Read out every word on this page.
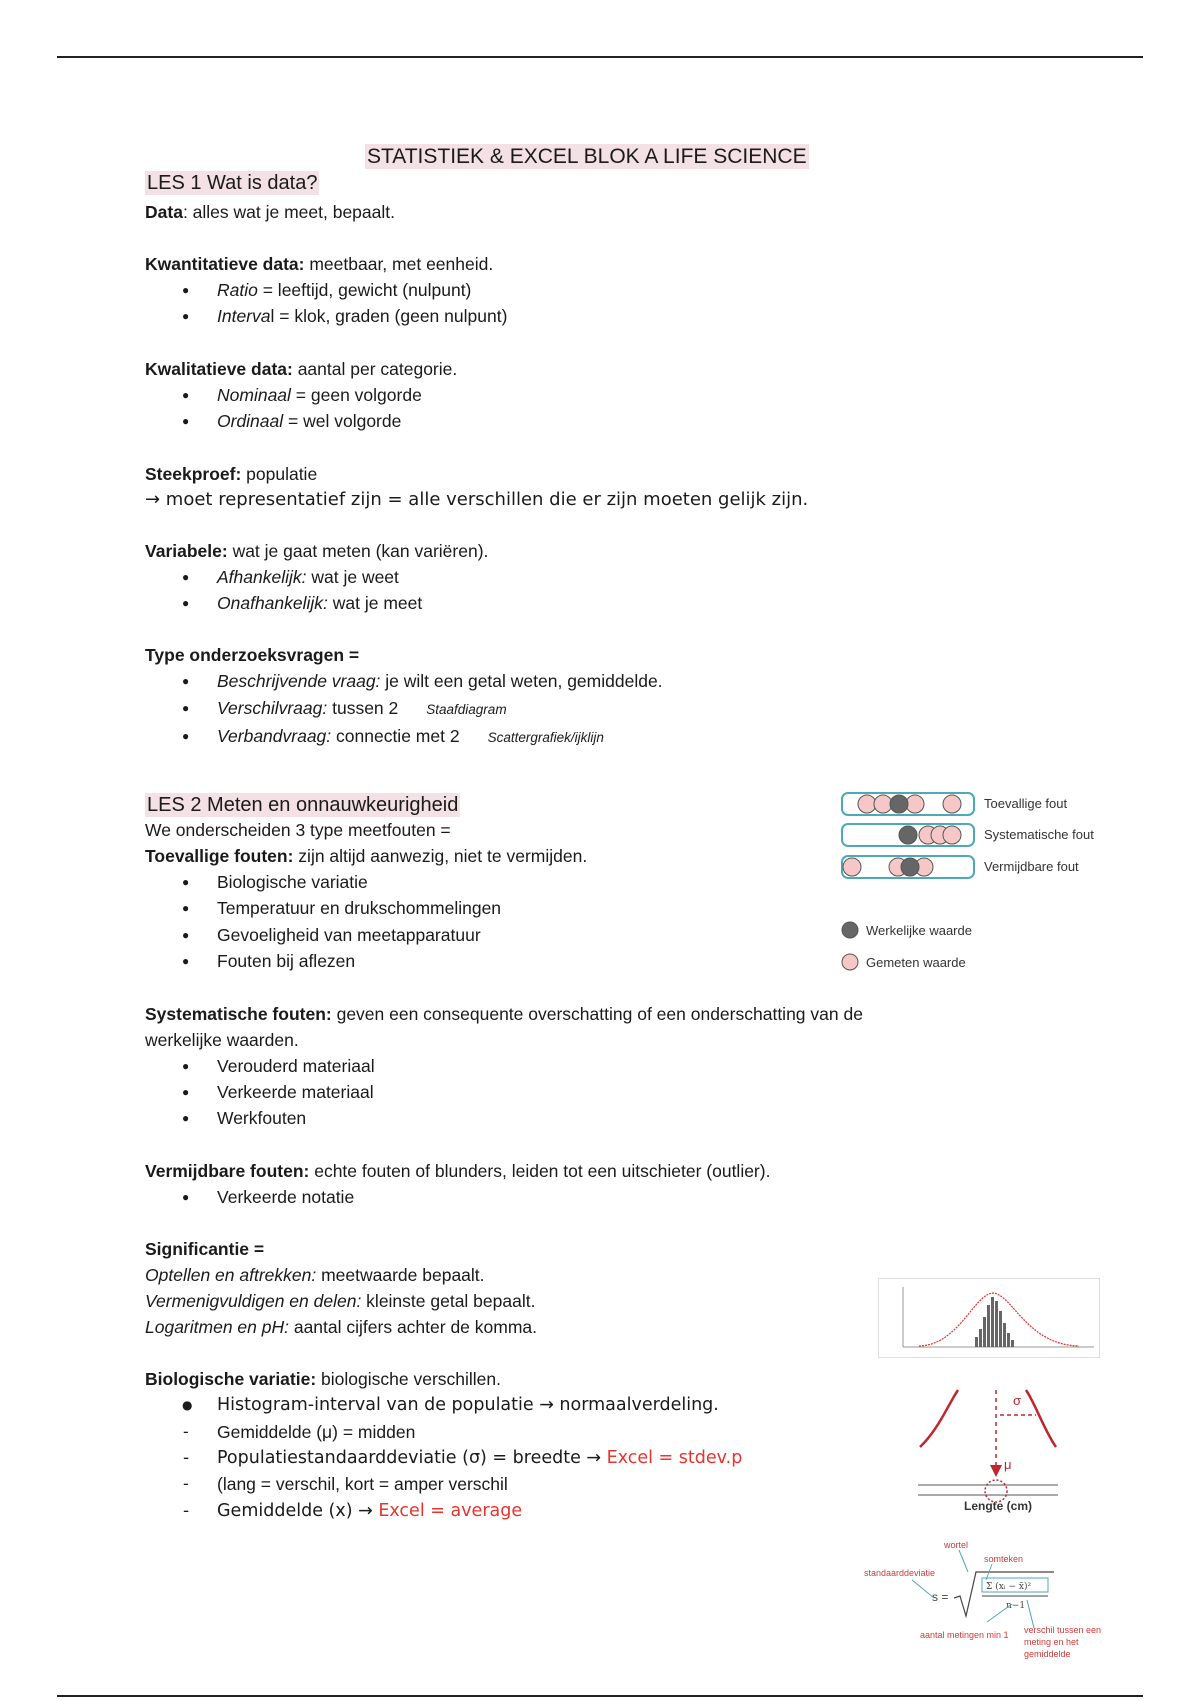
STATISTIEK & EXCEL BLOK A LIFE SCIENCE
LES 1 Wat is data?
Data: alles wat je meet, bepaalt.
Kwantitatieve data: meetbaar, met eenheid.
● Ratio = leeftijd, gewicht (nulpunt)
● Interval = klok, graden (geen nulpunt)
Kwalitatieve data: aantal per categorie.
● Nominaal = geen volgorde
● Ordinaal = wel volgorde
Steekproef: populatie
→ moet representatief zijn = alle verschillen die er zijn moeten gelijk zijn.
Variabele: wat je gaat meten (kan variëren).
● Afhankelijk: wat je weet
● Onafhankelijk: wat je meet
Type onderzoeksvragen =
● Beschrijvende vraag: je wilt een getal weten, gemiddelde.
● Verschilvraag: tussen 2 Staafdiagram
● Verbandvraag: connectie met 2 Scattergrafiek/ijklijn
LES 2 Meten en onnauwkeurigheid
We onderscheiden 3 type meetfouten =
Toevallige fouten: zijn altijd aanwezig, niet te vermijden.
● Biologische variatie
● Temperatuur en drukschommelingen
● Gevoeligheid van meetapparatuur
● Fouten bij aflezen
Systematische fouten: geven een consequente overschatting of een onderschatting van de
werkelijke waarden.
● Verouderd materiaal
● Verkeerde materiaal
● Werkfouten
Vermijdbare fouten: echte fouten of blunders, leiden tot een uitschieter (outlier).
● Verkeerde notatie
Significantie =
Optellen en aftrekken: meetwaarde bepaalt.
Vermenigvuldigen en delen: kleinste getal bepaalt.
Logaritmen en pH: aantal cijfers achter de komma.
Biologische variatie: biologische verschillen.
● Histogram-interval van de populatie → normaalverdeling.
- Gemiddelde (μ) = midden
- Populatiestandaarddeviatie (σ) = breedte → Excel = stdev.p
- (lang = verschil, kort = amper verschil
- Gemiddelde (x) → Excel = average
Toevallige fout
Systematische fout
Vermijdbare fout
Werkelijke waarde
Gemeten waarde
σ
μ
Lengte (cm)
wortel
somteken
standaarddeviatie
s =
Σ (xᵢ − x̄)²
n−1
aantal metingen min 1 verschil tussen een meting en het gemiddelde
